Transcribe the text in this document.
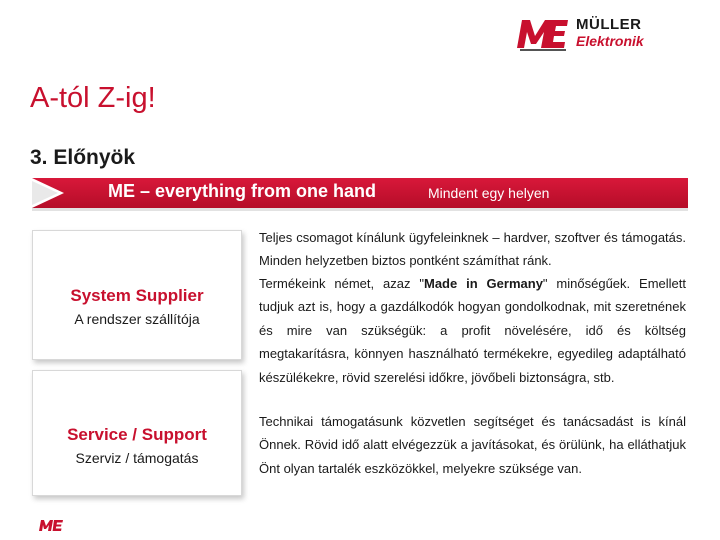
MÜLLER
Elektronik
A-tól Z-ig!
3. Előnyök
ME – everything from one hand	Mindent egy helyen
System Supplier
A rendszer szállítója
Service / Support
Szerviz / támogatás

Teljes csomagot kínálunk ügyfeleinknek – hardver, szoftver és támogatás. Minden helyzetben biztos pontként számíthat ránk.

Termékeink német, azaz "Made in Germany" minőségűek. Emellett tudjuk azt is, hogy a gazdálkodók hogyan gondolkodnak, mit szeretnének és mire van szükségük: a profit növelésére, idő és költség megtakarításra, könnyen használható termékekre, egyedileg adaptálható készülékekre, rövid szerelési időkre, jövőbeli biztonságra, stb.

Technikai támogatásunk közvetlen segítséget és tanácsadást is kínál Önnek. Rövid idő alatt elvégezzük a javításokat, és örülünk, ha elláthatjuk Önt olyan tartalék eszközökkel, melyekre szüksége van.
